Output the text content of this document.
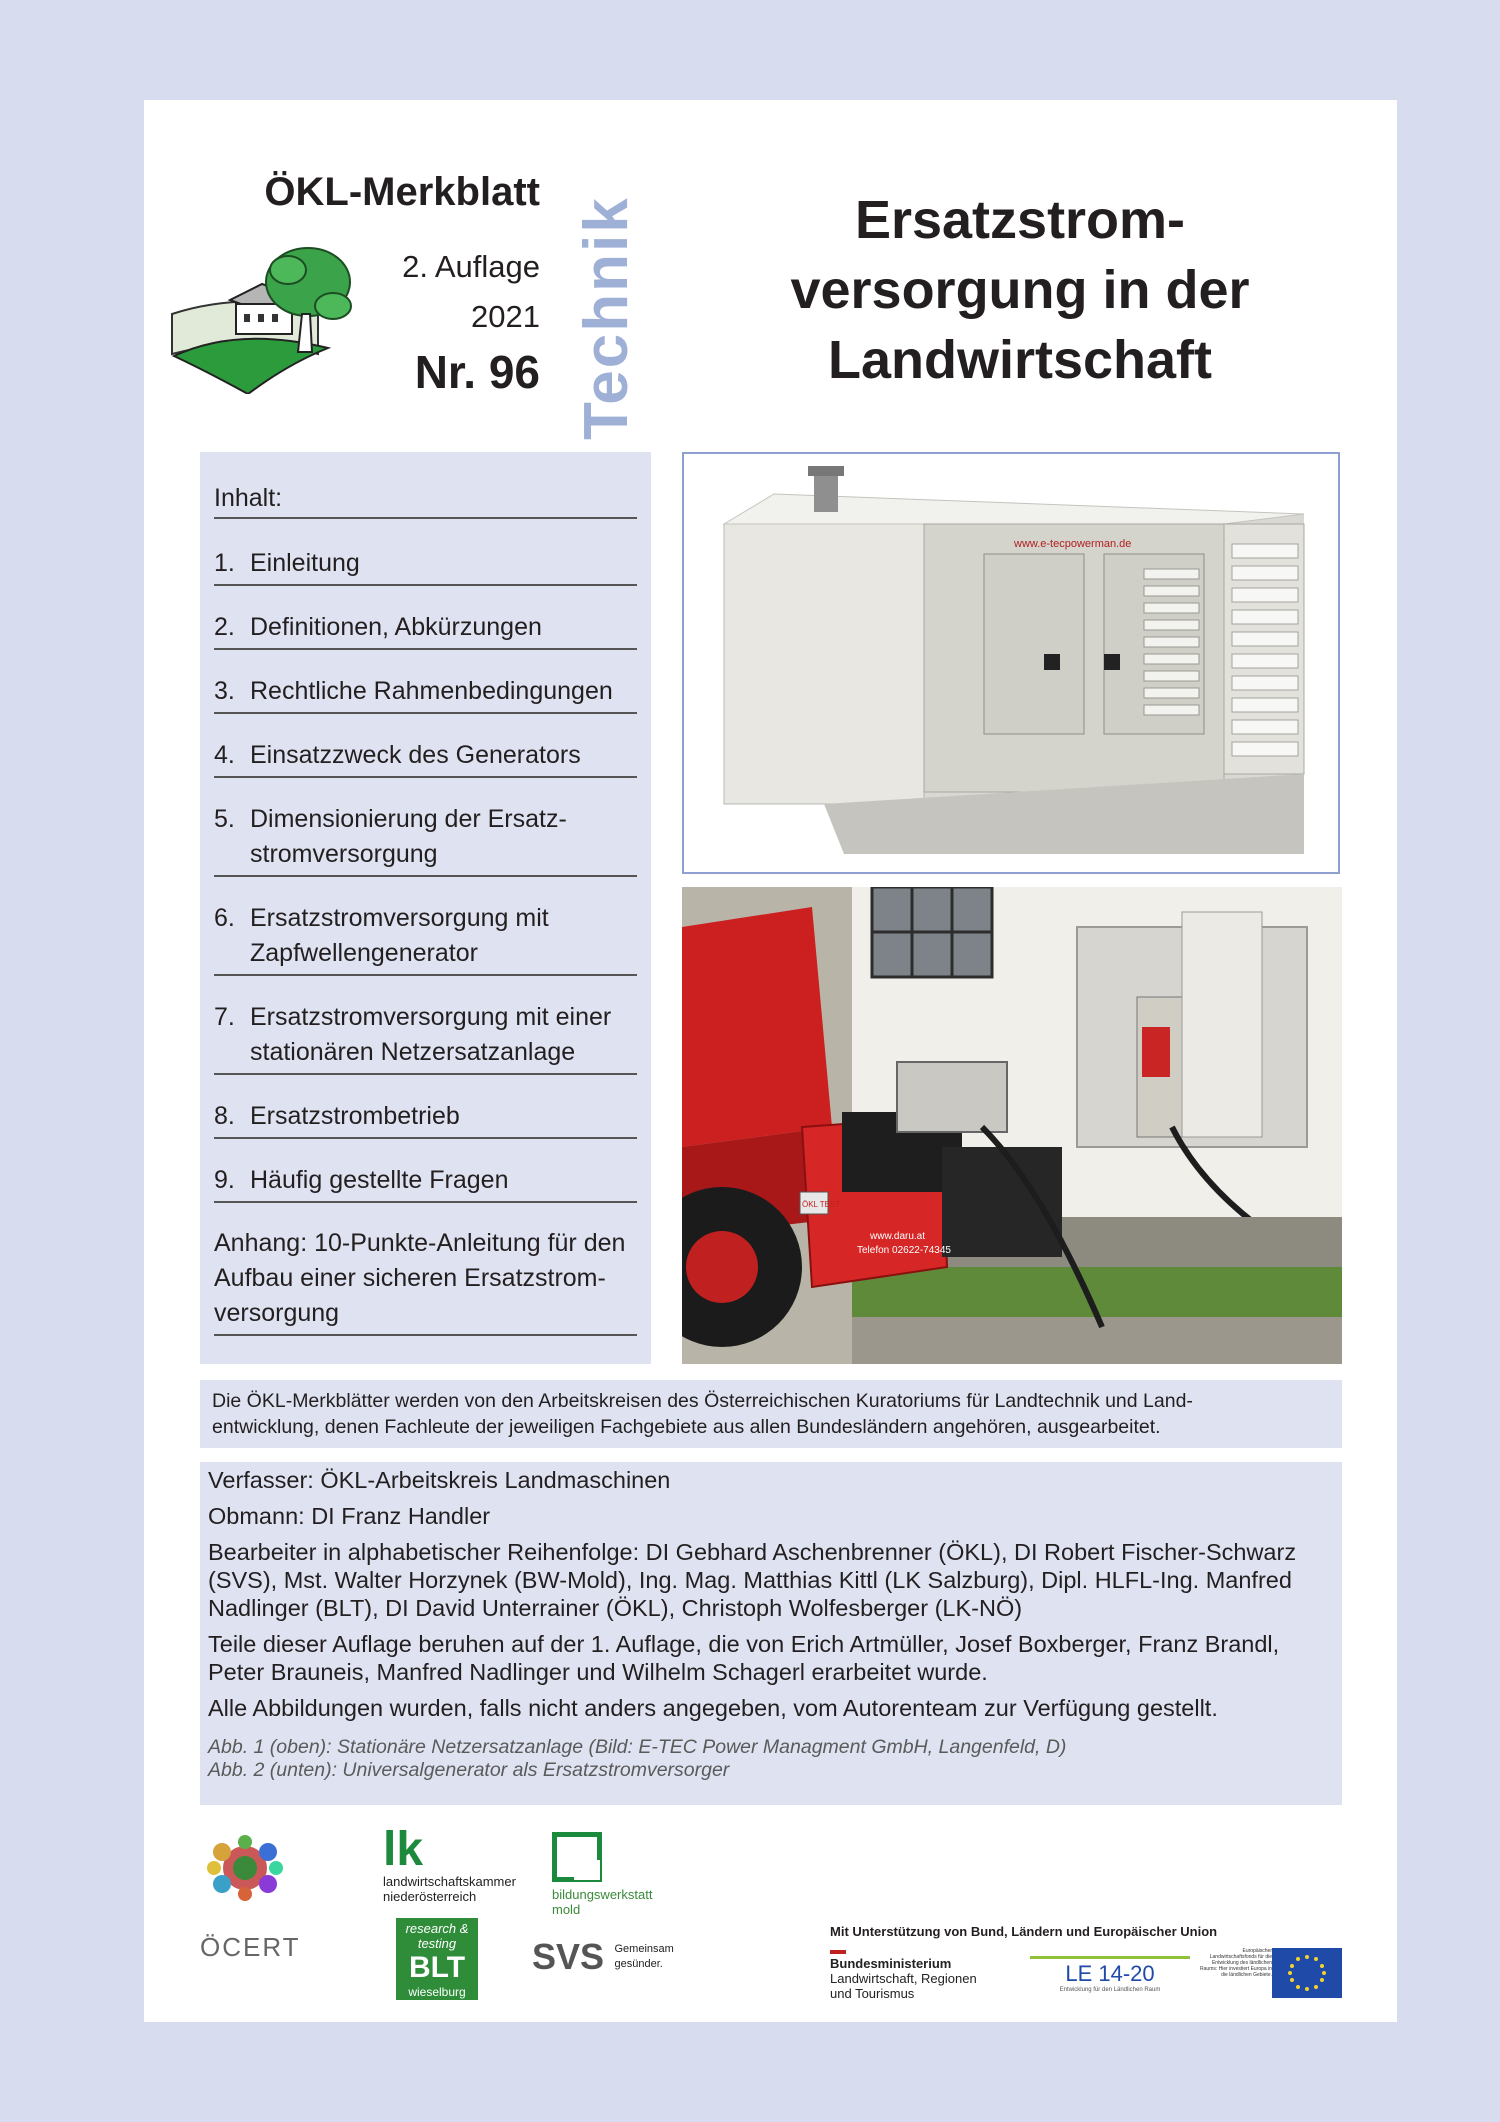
ÖKL-Merkblatt
2. Auflage
2021
Nr. 96 Technik	Ersatzstrom-
versorgung in der
Landwirtschaft
Inhalt:
1. Einleitung
2. Definitionen, Abkürzungen
3. Rechtliche Rahmenbedingungen
4. Einsatzzweck des Generators
5. Dimensionierung der Ersatz-
stromversorgung
6. Ersatzstromversorgung mit
Zapfwellengenerator
7. Ersatzstromversorgung mit einer
stationären Netzersatzanlage
8. Ersatzstrombetrieb
9. Häufig gestellte Fragen
Anhang: 10-Punkte-Anleitung für den
Aufbau einer sicheren Ersatzstrom-
versorgung
www.e-tecpowerman.de
ÖKL TEST
www.daru.at
Telefon 02622-74345
Die ÖKL-Merkblätter werden von den Arbeitskreisen des Österreichischen Kuratoriums für Landtechnik und Land-
entwicklung, denen Fachleute der jeweiligen Fachgebiete aus allen Bundesländern angehören, ausgearbeitet.

Verfasser: ÖKL-Arbeitskreis Landmaschinen

Obmann: DI Franz Handler

Bearbeiter in alphabetischer Reihenfolge: DI Gebhard Aschenbrenner (ÖKL), DI Robert Fischer-Schwarz
(SVS), Mst. Walter Horzynek (BW-Mold), Ing. Mag. Matthias Kittl (LK Salzburg), Dipl. HLFL-Ing. Manfred
Nadlinger (BLT), DI David Unterrainer (ÖKL), Christoph Wolfesberger (LK-NÖ)

Teile dieser Auflage beruhen auf der 1. Auflage, die von Erich Artmüller, Josef Boxberger, Franz Brandl,
Peter Brauneis, Manfred Nadlinger und Wilhelm Schagerl erarbeitet wurde.

Alle Abbildungen wurden, falls nicht anders angegeben, vom Autorenteam zur Verfügung gestellt.

Abb. 1 (oben): Stationäre Netzersatzanlage (Bild: E-TEC Power Managment GmbH, Langenfeld, D)
Abb. 2 (unten): Universalgenerator als Ersatzstromversorger
lk
landwirtschaftskammer
niederösterreich	bildungswerkstatt
mold
ÖCERT
research & testing
BLT
wieselburg
SVS Gemeinsam
gesünder.
Mit Unterstützung von Bund, Ländern und Europäischer Union
Bundesministerium
Landwirtschaft, Regionen
und Tourismus
LE 14-20
Entwicklung für den Ländlichen Raum
Europäischer Landwirtschaftsfonds für die Entwicklung des ländlichen Raums: Hier investiert Europa in die ländlichen Gebiete.
